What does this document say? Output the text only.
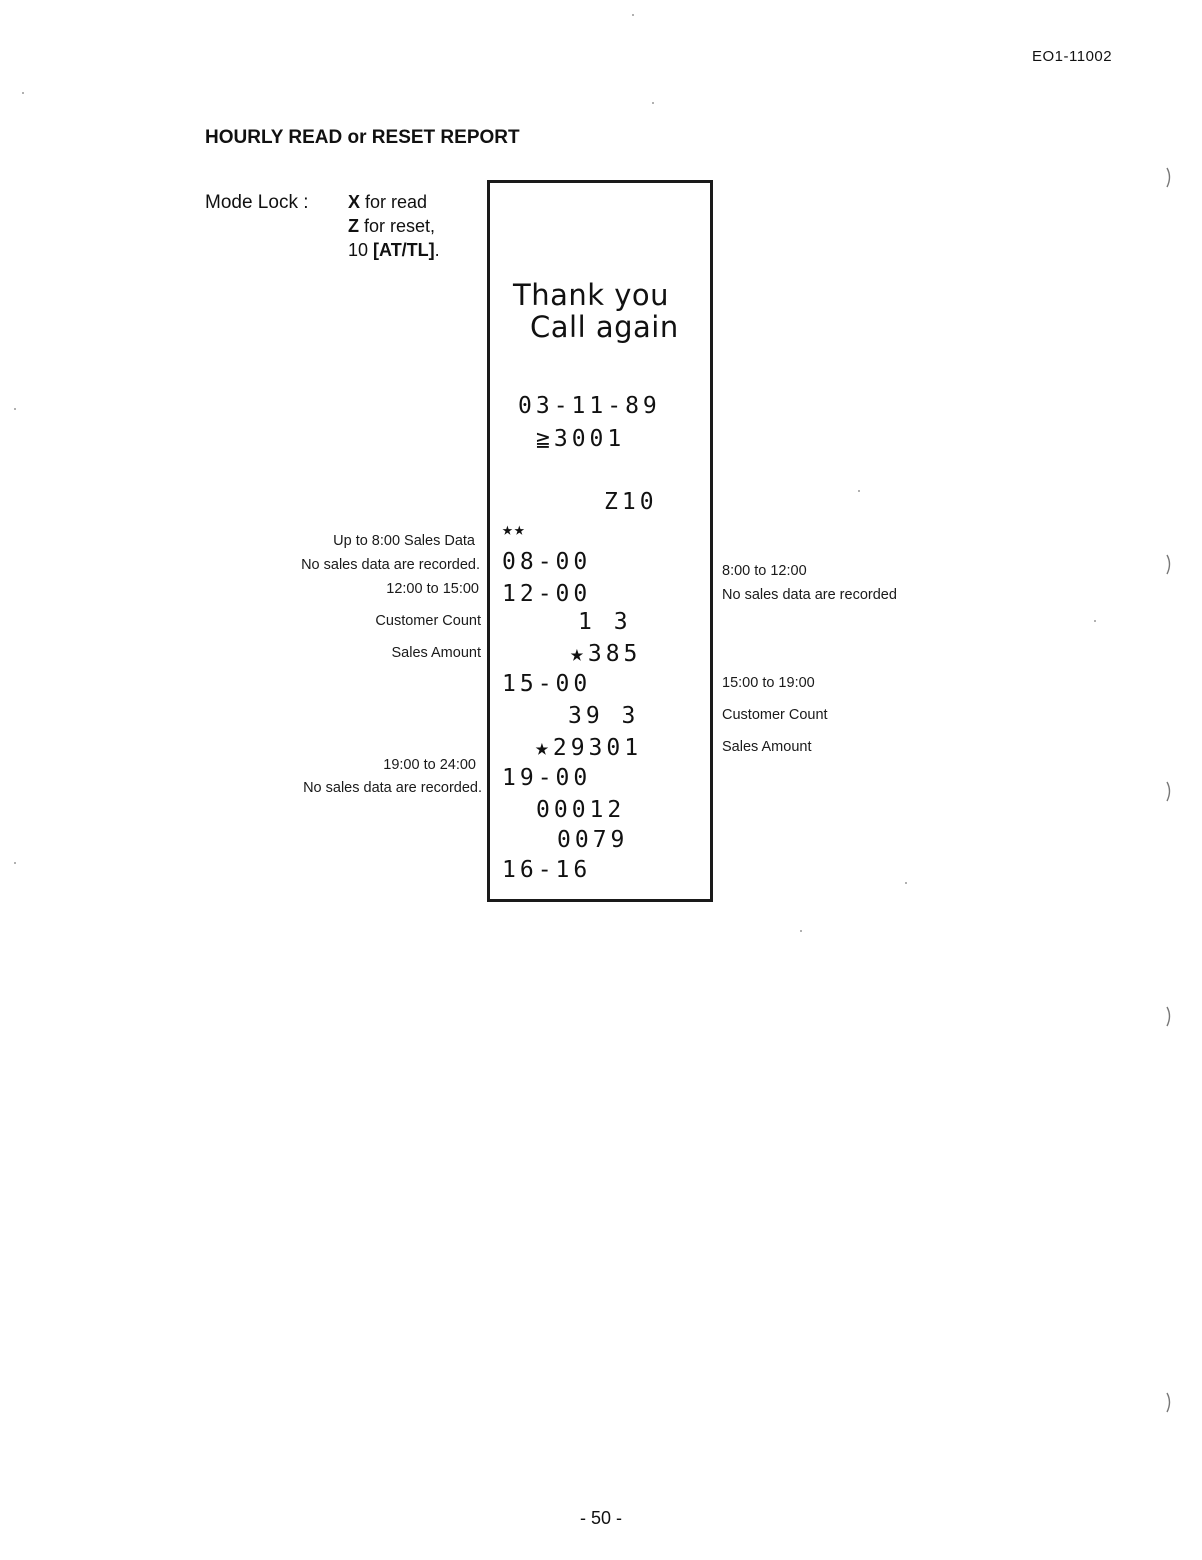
EO1-11002
HOURLY READ or RESET REPORT
Mode Lock : X for read
Z for reset,
10 [AT/TL].
Thank you
Call again
03-11-89
≧3001
Z10
★★
08-00
12-00
1 3
★385
15-00
39 3
★29301
19-00
00012
0079
16-16
Up to 8:00 Sales Data
No sales data are recorded.
12:00 to 15:00
Customer Count
Sales Amount
19:00 to 24:00
No sales data are recorded.
8:00 to 12:00
No sales data are recorded
15:00 to 19:00
Customer Count
Sales Amount
- 50 -
